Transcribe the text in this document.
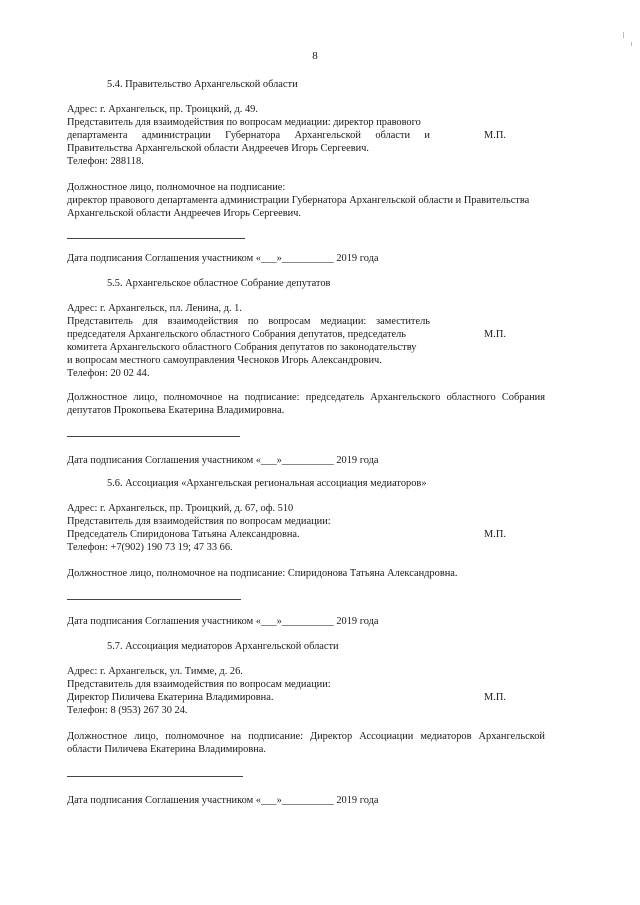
8
5.4. Правительство Архангельской области
Адрес: г. Архангельск, пр. Троицкий, д. 49.
Представитель для взаимодействия по вопросам медиации: директор правового
департамента администрации Губернатора Архангельской области и
Правительства Архангельской области Андреечев Игорь Сергеевич.
Телефон: 288118.
М.П.
Должностное лицо, полномочное на подписание:
директор правового департамента администрации Губернатора Архангельской области и Правительства
Архангельской области Андреечев Игорь Сергеевич.
Дата подписания Соглашения участником «___»__________ 2019 года
5.5. Архангельское областное Собрание депутатов
Адрес: г. Архангельск, пл. Ленина, д. 1.
Представитель для взаимодействия по вопросам медиации: заместитель
председателя Архангельского областного Собрания депутатов, председатель
комитета Архангельского областного Собрания депутатов по законодательству
и вопросам местного самоуправления Чесноков Игорь Александрович.
Телефон: 20 02 44.
М.П.
Должностное лицо, полномочное на подписание: председатель Архангельского областного Собрания
депутатов Прокопьева Екатерина Владимировна.
Дата подписания Соглашения участником «___»__________ 2019 года
5.6. Ассоциация «Архангельская региональная ассоциация медиаторов»
Адрес: г. Архангельск, пр. Троицкий, д. 67, оф. 510
Представитель для взаимодействия по вопросам медиации:
Председатель Спиридонова Татьяна Александровна.
Телефон: +7(902) 190 73 19; 47 33 66.
М.П.
Должностное лицо, полномочное на подписание: Спиридонова Татьяна Александровна.
Дата подписания Соглашения участником «___»__________ 2019 года
5.7. Ассоциация медиаторов Архангельской области
Адрес: г. Архангельск, ул. Тимме, д. 26.
Представитель для взаимодействия по вопросам медиации:
Директор Пиличева Екатерина Владимировна.
Телефон: 8 (953) 267 30 24.
М.П.
Должностное лицо, полномочное на подписание: Директор Ассоциации медиаторов Архангельской
области Пиличева Екатерина Владимировна.
Дата подписания Соглашения участником «___»__________ 2019 года
